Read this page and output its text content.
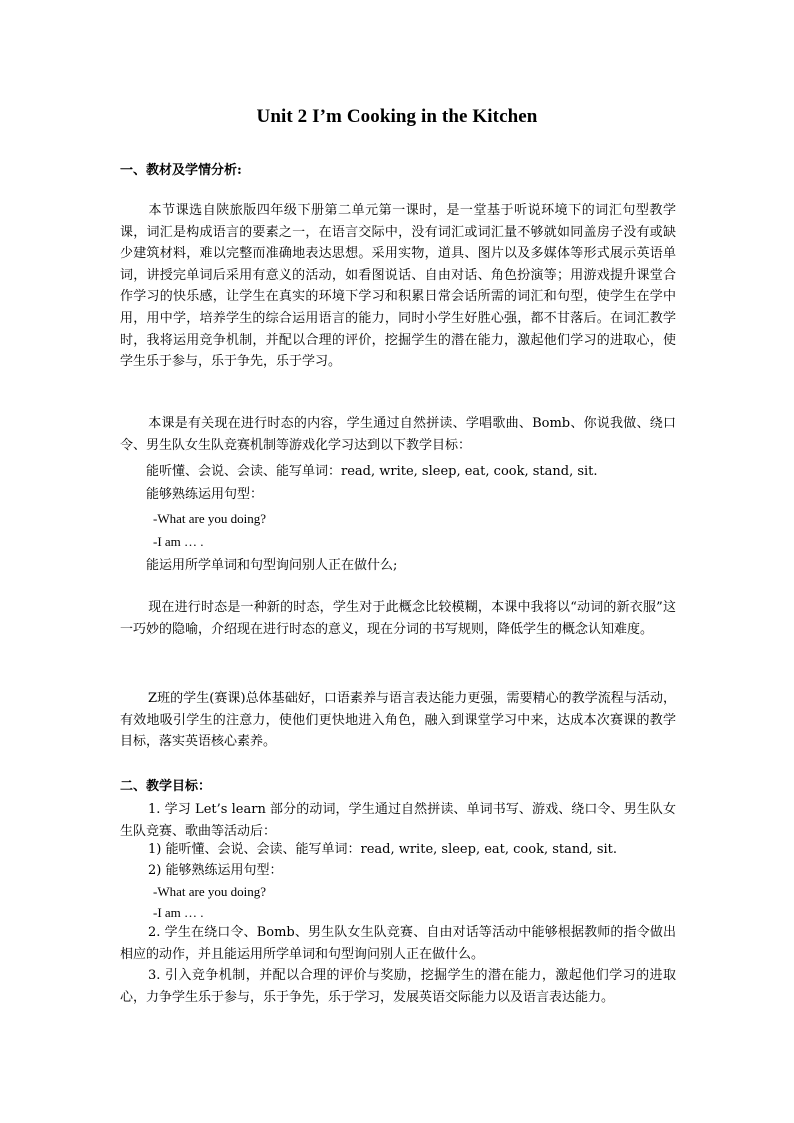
Unit 2 I’m Cooking in the Kitchen
一、教材及学情分析:

本节课选自陕旅版四年级下册第二单元第一课时，是一堂基于听说环境下的词汇句型教学课，词汇是构成语言的要素之一，在语言交际中，没有词汇或词汇量不够就如同盖房子没有或缺少建筑材料，难以完整而准确地表达思想。采用实物，道具、图片以及多媒体等形式展示英语单词，讲授完单词后采用有意义的活动，如看图说话、自由对话、角色扮演等；用游戏提升课堂合作学习的快乐感，让学生在真实的环境下学习和积累日常会话所需的词汇和句型，使学生在学中用，用中学，培养学生的综合运用语言的能力，同时小学生好胜心强，都不甘落后。在词汇教学时，我将运用竞争机制，并配以合理的评价，挖掘学生的潜在能力，激起他们学习的进取心，使学生乐于参与，乐于争先，乐于学习。

本课是有关现在进行时态的内容，学生通过自然拼读、学唱歌曲、Bomb、你说我做、绕口令、男生队女生队竞赛机制等游戏化学习达到以下教学目标：

能听懂、会说、会读、能写单词：read, write, sleep, eat, cook, stand, sit.
能够熟练运用句型：
-What are you doing?
-I am … .
能运用所学单词和句型询问别人正在做什么;

现在进行时态是一种新的时态，学生对于此概念比较模糊，本课中我将以“动词的新衣服”这一巧妙的隐喻，介绍现在进行时态的意义，现在分词的书写规则，降低学生的概念认知难度。

Z班的学生(赛课)总体基础好，口语素养与语言表达能力更强，需要精心的教学流程与活动，有效地吸引学生的注意力，使他们更快地进入角色，融入到课堂学习中来，达成本次赛课的教学目标，落实英语核心素养。

二、教学目标：

1. 学习 Let’s learn 部分的动词，学生通过自然拼读、单词书写、游戏、绕口令、男生队女生队竞赛、歌曲等活动后：

1) 能听懂、会说、会读、能写单词：read, write, sleep, eat, cook, stand, sit.
2) 能够熟练运用句型：
-What are you doing?
-I am … .

2. 学生在绕口令、Bomb、男生队女生队竞赛、自由对话等活动中能够根据教师的指令做出相应的动作，并且能运用所学单词和句型询问别人正在做什么。

3. 引入竞争机制，并配以合理的评价与奖励，挖掘学生的潜在能力，激起他们学习的进取心，力争学生乐于参与，乐于争先，乐于学习，发展英语交际能力以及语言表达能力。
